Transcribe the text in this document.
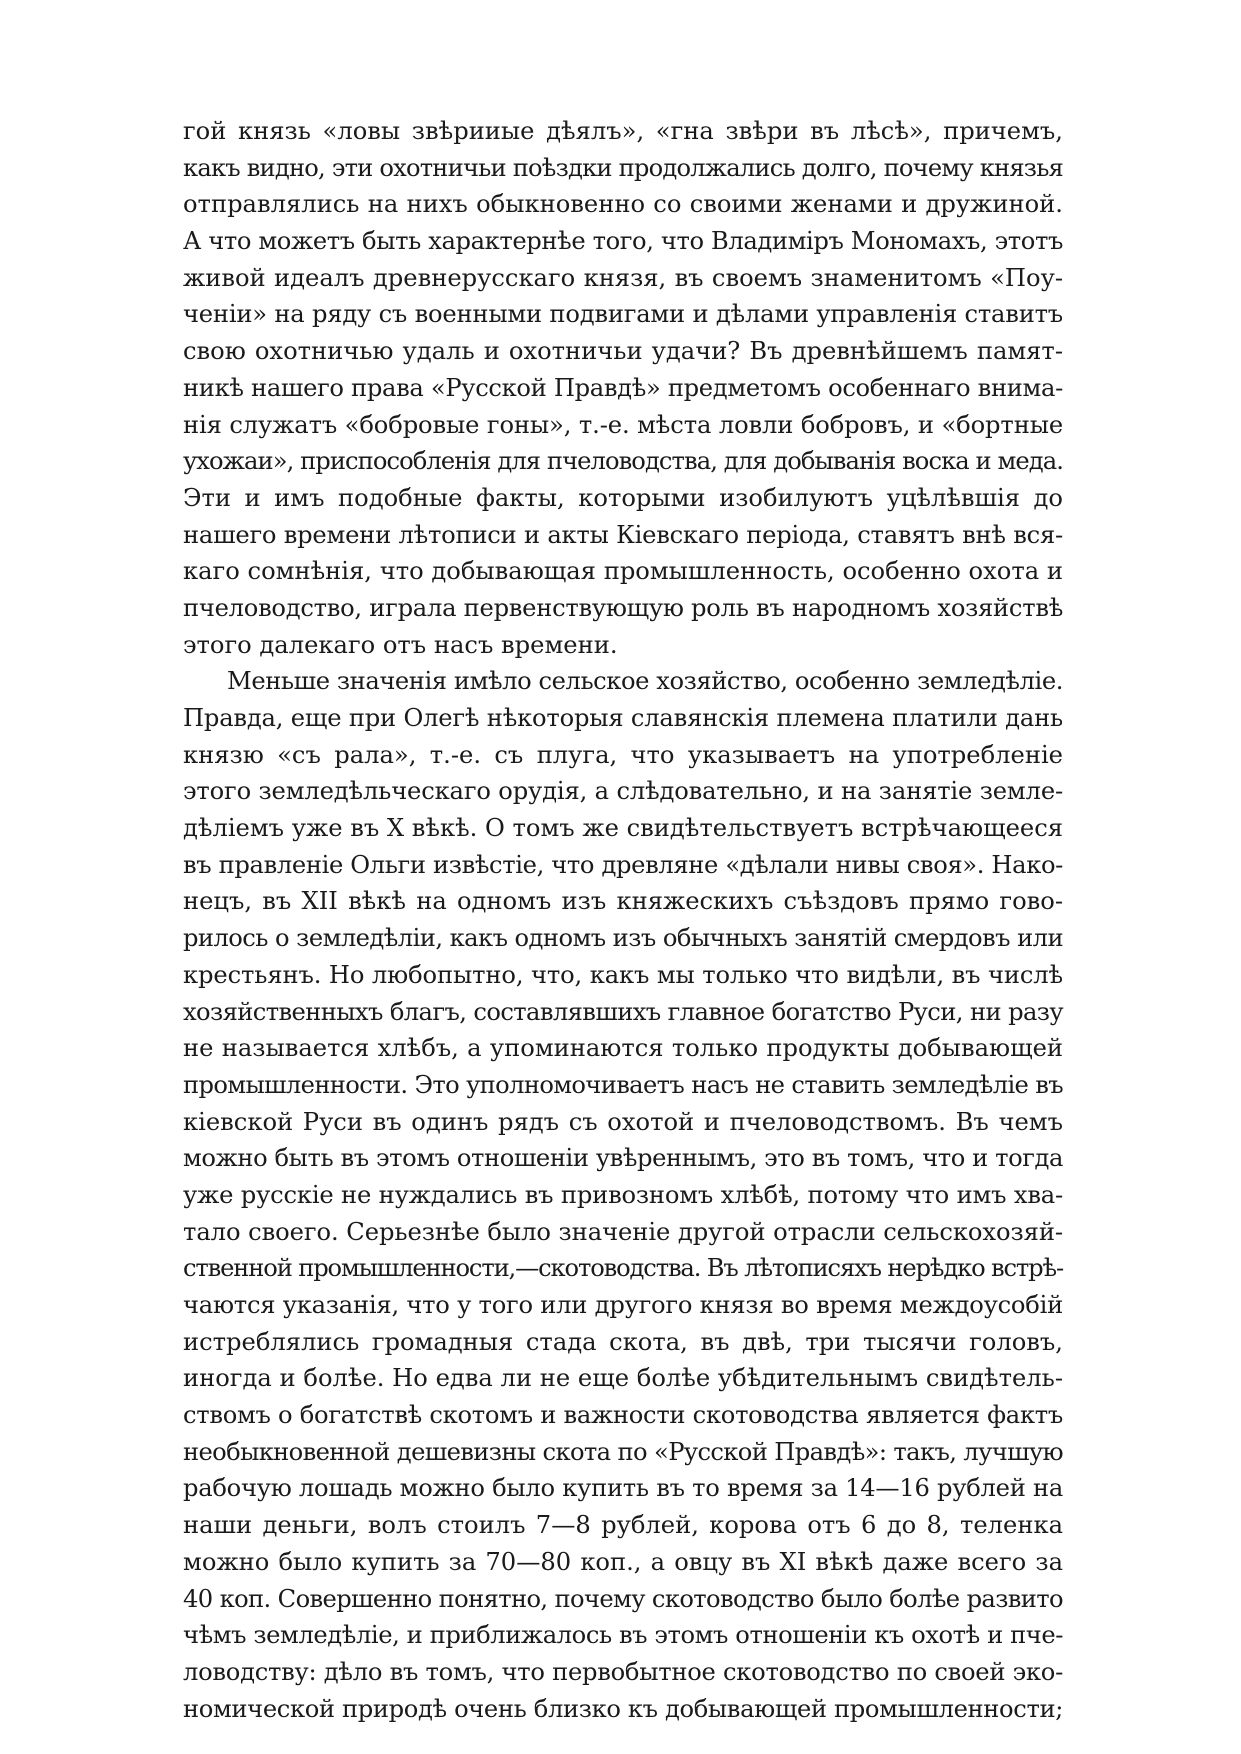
гой князь «ловы звѣрииые дѣялъ», «гна звѣри въ лѣсѣ», причемъ,
какъ видно, эти охотничьи поѣздки продолжались долго, почему князья
отправлялись на нихъ обыкновенно со своими женами и дружиной.
А что можетъ быть характернѣе того, что Владиміръ Мономахъ, этотъ
живой идеалъ древнерусскаго князя, въ своемъ знаменитомъ «Поу-
ченіи» на ряду съ военными подвигами и дѣлами управленія ставитъ
свою охотничью удаль и охотничьи удачи? Въ древнѣйшемъ памят-
никѣ нашего права «Русской Правдѣ» предметомъ особеннаго внима-
нія служатъ «бобровые гоны», т.-е. мѣста ловли бобровъ, и «бортные
ухожаи», приспособленія для пчеловодства, для добыванія воска и меда.
Эти и имъ подобные факты, которыми изобилуютъ уцѣлѣвшія до
нашего времени лѣтописи и акты Кіевскаго періода, ставятъ внѣ вся-
каго сомнѣнія, что добывающая промышленность, особенно охота и
пчеловодство, играла первенствующую роль въ народномъ хозяйствѣ
этого далекаго отъ насъ времени.
Меньше значенія имѣло сельское хозяйство, особенно земледѣліе.
Правда, еще при Олегѣ нѣкоторыя славянскія племена платили дань
князю «съ рала», т.-е. съ плуга, что указываетъ на употребленіе
этого земледѣльческаго орудія, а слѣдовательно, и на занятіе земле-
дѣліемъ уже въ X вѣкѣ. О томъ же свидѣтельствуетъ встрѣчающееся
въ правленіе Ольги извѣстіе, что древляне «дѣлали нивы своя». Нако-
нецъ, въ XII вѣкѣ на одномъ изъ княжескихъ съѣздовъ прямо гово-
рилось о земледѣліи, какъ одномъ изъ обычныхъ занятій смердовъ или
крестьянъ. Но любопытно, что, какъ мы только что видѣли, въ числѣ
хозяйственныхъ благъ, составлявшихъ главное богатство Руси, ни разу
не называется хлѣбъ, а упоминаются только продукты добывающей
промышленности. Это уполномочиваетъ насъ не ставить земледѣліе въ
кіевской Руси въ одинъ рядъ съ охотой и пчеловодствомъ. Въ чемъ
можно быть въ этомъ отношеніи увѣреннымъ, это въ томъ, что и тогда
уже русскіе не нуждались въ привозномъ хлѣбѣ, потому что имъ хва-
тало своего. Серьезнѣе было значеніе другой отрасли сельскохозяй-
ственной промышленности,—скотоводства. Въ лѣтописяхъ нерѣдко встрѣ-
чаются указанія, что у того или другого князя во время междоусобій
истреблялись громадныя стада скота, въ двѣ, три тысячи головъ,
иногда и болѣе. Но едва ли не еще болѣе убѣдительнымъ свидѣтель-
ствомъ о богатствѣ скотомъ и важности скотоводства является фактъ
необыкновенной дешевизны скота по «Русской Правдѣ»: такъ, лучшую
рабочую лошадь можно было купить въ то время за 14—16 рублей на
наши деньги, волъ стоилъ 7—8 рублей, корова отъ 6 до 8, теленка
можно было купить за 70—80 коп., а овцу въ XI вѣкѣ даже всего за
40 коп. Совершенно понятно, почему скотоводство было болѣе развито
чѣмъ земледѣліе, и приближалось въ этомъ отношеніи къ охотѣ и пче-
ловодству: дѣло въ томъ, что первобытное скотоводство по своей эко-
номической природѣ очень близко къ добывающей промышленности;
